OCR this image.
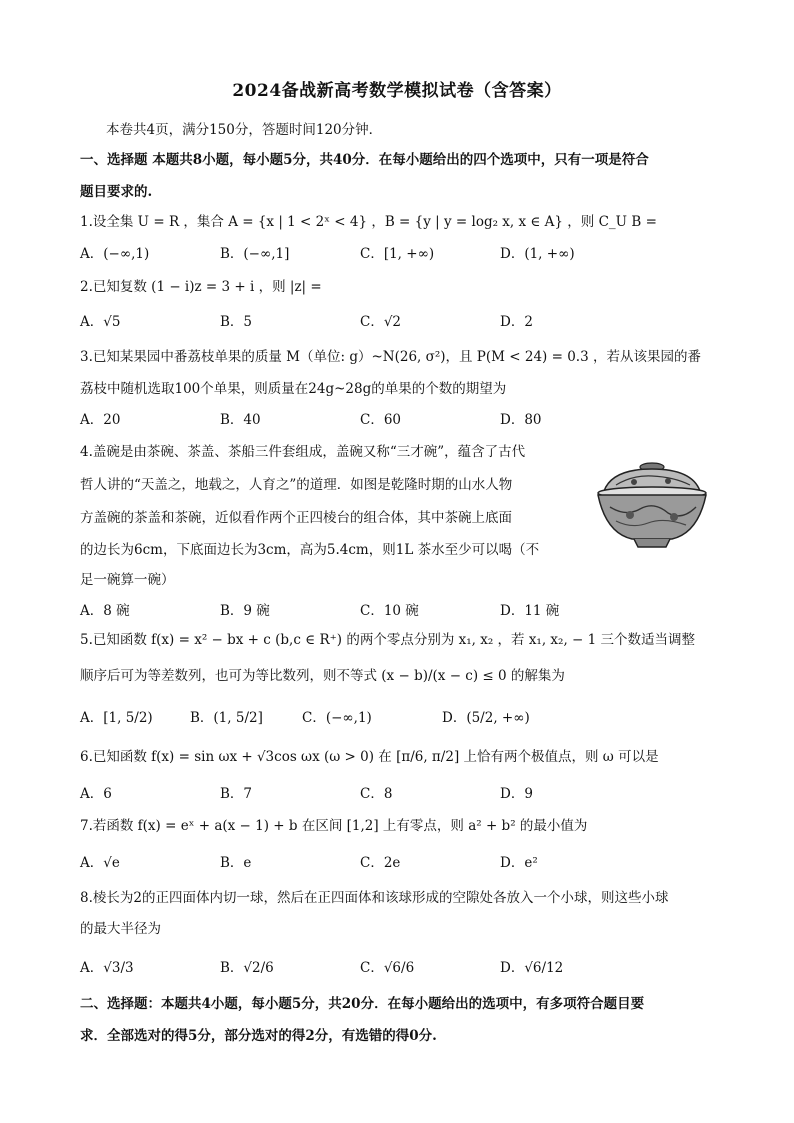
2024备战新高考数学模拟试卷（含答案）
本卷共4页，满分150分，答题时间120分钟．
一、选择题 本题共8小题，每小题5分，共40分．在每小题给出的四个选项中，只有一项是符合
题目要求的.
1.设全集 U = R ，集合 A = {x | 1 < 2ˣ < 4} ，B = {y | y = log₂ x, x ∈ A} ，则 C_U B =
A．(−∞,1)	B．(−∞,1]	C．[1, +∞)	D．(1, +∞)
2.已知复数 (1 − i)z = 3 + i ，则 |z| =
A．√5	B．5	C．√2	D．2
3.已知某果园中番荔枝单果的质量 M（单位: g）~N(26, σ²)，且 P(M < 24) = 0.3 ，若从该果园的番
荔枝中随机选取100个单果，则质量在24g~28g的单果的个数的期望为
A．20	B．40	C．60	D．80
4.盖碗是由茶碗、茶盖、茶船三件套组成，盖碗又称“三才碗”，蕴含了古代
哲人讲的“天盖之，地载之，人育之”的道理．如图是乾隆时期的山水人物
方盖碗的茶盖和茶碗，近似看作两个正四棱台的组合体，其中茶碗上底面
的边长为6cm，下底面边长为3cm，高为5.4cm，则1L 茶水至少可以喝（不
足一碗算一碗）
A．8 碗	B．9 碗	C．10 碗	D．11 碗
5.已知函数 f(x) = x² − bx + c (b,c ∈ R⁺) 的两个零点分别为 x₁, x₂ ，若 x₁, x₂, − 1 三个数适当调整
顺序后可为等差数列，也可为等比数列，则不等式 (x − b)/(x − c) ≤ 0 的解集为
A．[1, 5/2)	B．(1, 5/2]	C．(−∞,1)	D．(5/2, +∞)
6.已知函数 f(x) = sin ωx + √3cos ωx (ω > 0) 在 [π/6, π/2] 上恰有两个极值点，则 ω 可以是
A．6	B．7	C．8	D．9
7.若函数 f(x) = eˣ + a(x − 1) + b 在区间 [1,2] 上有零点，则 a² + b² 的最小值为
A．√e	B．e	C．2e	D．e²
8.棱长为2的正四面体内切一球，然后在正四面体和该球形成的空隙处各放入一个小球，则这些小球
的最大半径为
A．√3/3	B．√2/6	C．√6/6	D．√6/12
二、选择题：本题共4小题，每小题5分，共20分．在每小题给出的选项中，有多项符合题目要
求．全部选对的得5分，部分选对的得2分，有选错的得0分.
